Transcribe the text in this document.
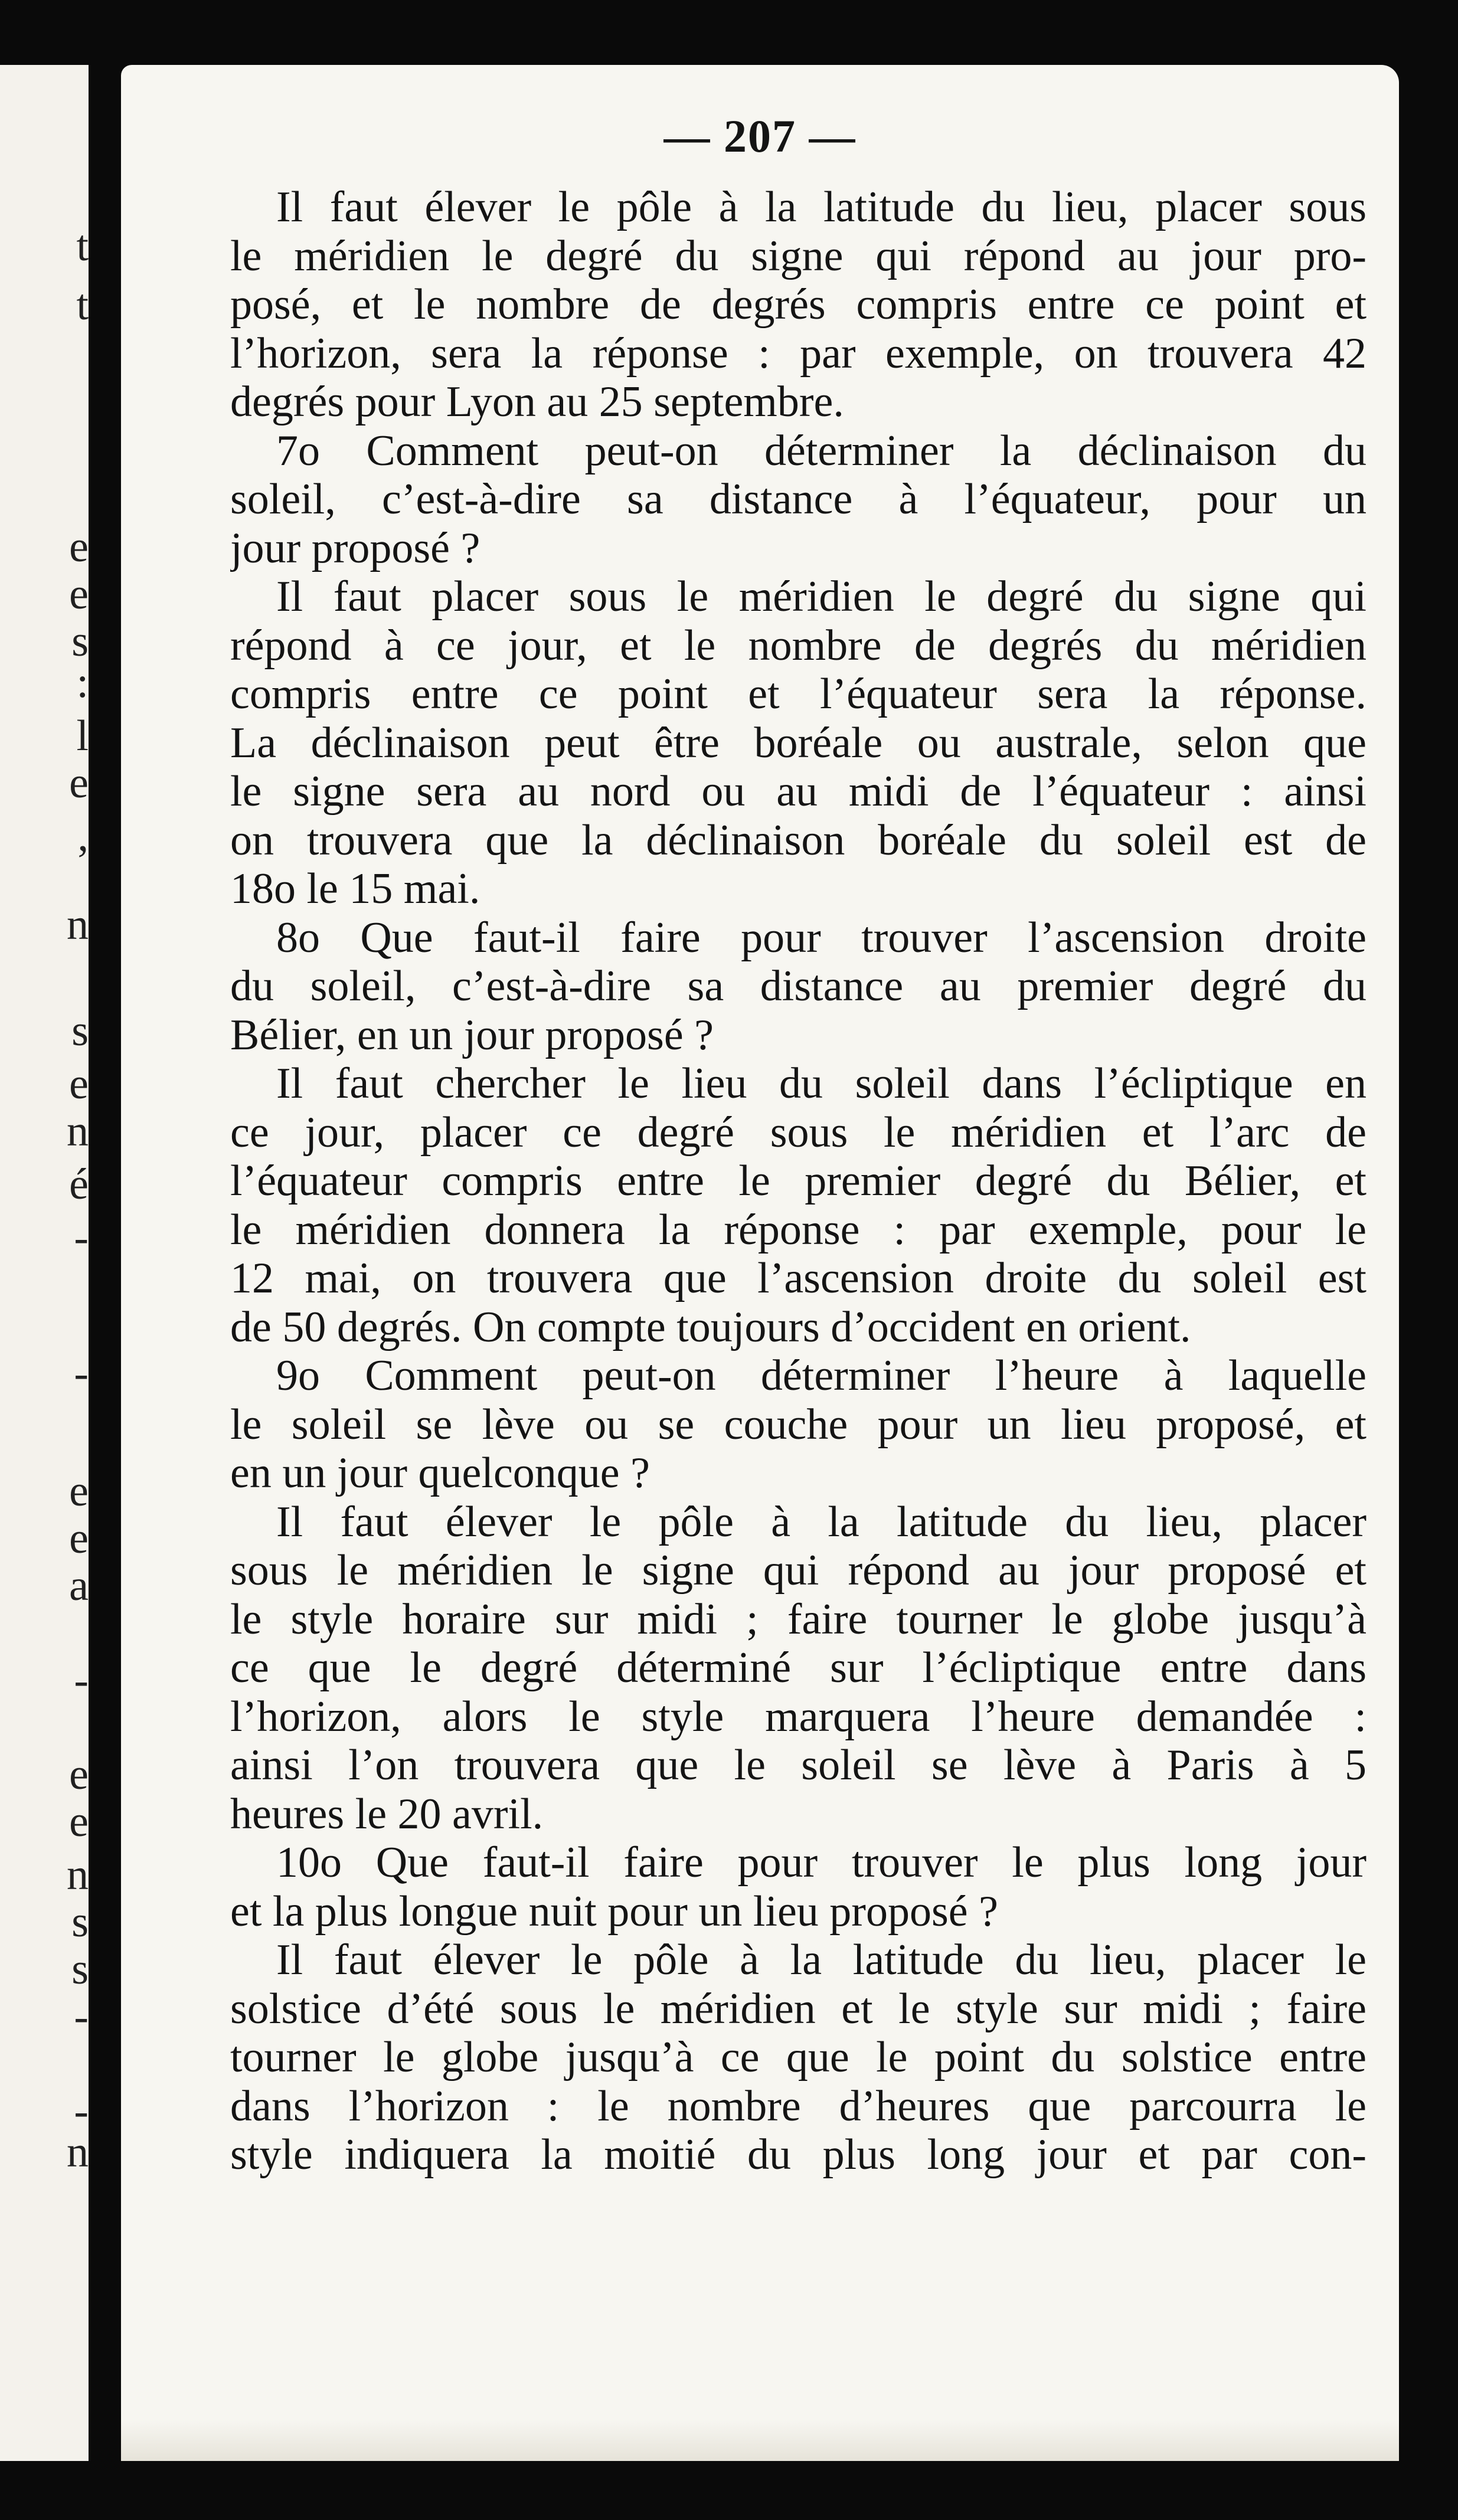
t
t
e
e
s
:
l
e
,
n
s
e
n
é
-
-
e
e
a
-
e
e
n
s
s
-
-
n
— 207 —
Il faut élever le pôle à la latitude du lieu, placer sous
le méridien le degré du signe qui répond au jour pro-
posé, et le nombre de degrés compris entre ce point et
l’horizon, sera la réponse : par exemple, on trouvera 42
degrés pour Lyon au 25 septembre.
7o Comment peut-on déterminer la déclinaison du
soleil, c’est-à-dire sa distance à l’équateur, pour un
jour proposé ?
Il faut placer sous le méridien le degré du signe qui
répond à ce jour, et le nombre de degrés du méridien
compris entre ce point et l’équateur sera la réponse.
La déclinaison peut être boréale ou australe, selon que
le signe sera au nord ou au midi de l’équateur : ainsi
on trouvera que la déclinaison boréale du soleil est de
18o le 15 mai.
8o Que faut-il faire pour trouver l’ascension droite
du soleil, c’est-à-dire sa distance au premier degré du
Bélier, en un jour proposé ?
Il faut chercher le lieu du soleil dans l’écliptique en
ce jour, placer ce degré sous le méridien et l’arc de
l’équateur compris entre le premier degré du Bélier, et
le méridien donnera la réponse : par exemple, pour le
12 mai, on trouvera que l’ascension droite du soleil est
de 50 degrés. On compte toujours d’occident en orient.
9o Comment peut-on déterminer l’heure à laquelle
le soleil se lève ou se couche pour un lieu proposé, et
en un jour quelconque ?
Il faut élever le pôle à la latitude du lieu, placer
sous le méridien le signe qui répond au jour proposé et
le style horaire sur midi ; faire tourner le globe jusqu’à
ce que le degré déterminé sur l’écliptique entre dans
l’horizon, alors le style marquera l’heure demandée :
ainsi l’on trouvera que le soleil se lève à Paris à 5
heures le 20 avril.
10o Que faut-il faire pour trouver le plus long jour
et la plus longue nuit pour un lieu proposé ?
Il faut élever le pôle à la latitude du lieu, placer le
solstice d’été sous le méridien et le style sur midi ; faire
tourner le globe jusqu’à ce que le point du solstice entre
dans l’horizon : le nombre d’heures que parcourra le
style indiquera la moitié du plus long jour et par con-
